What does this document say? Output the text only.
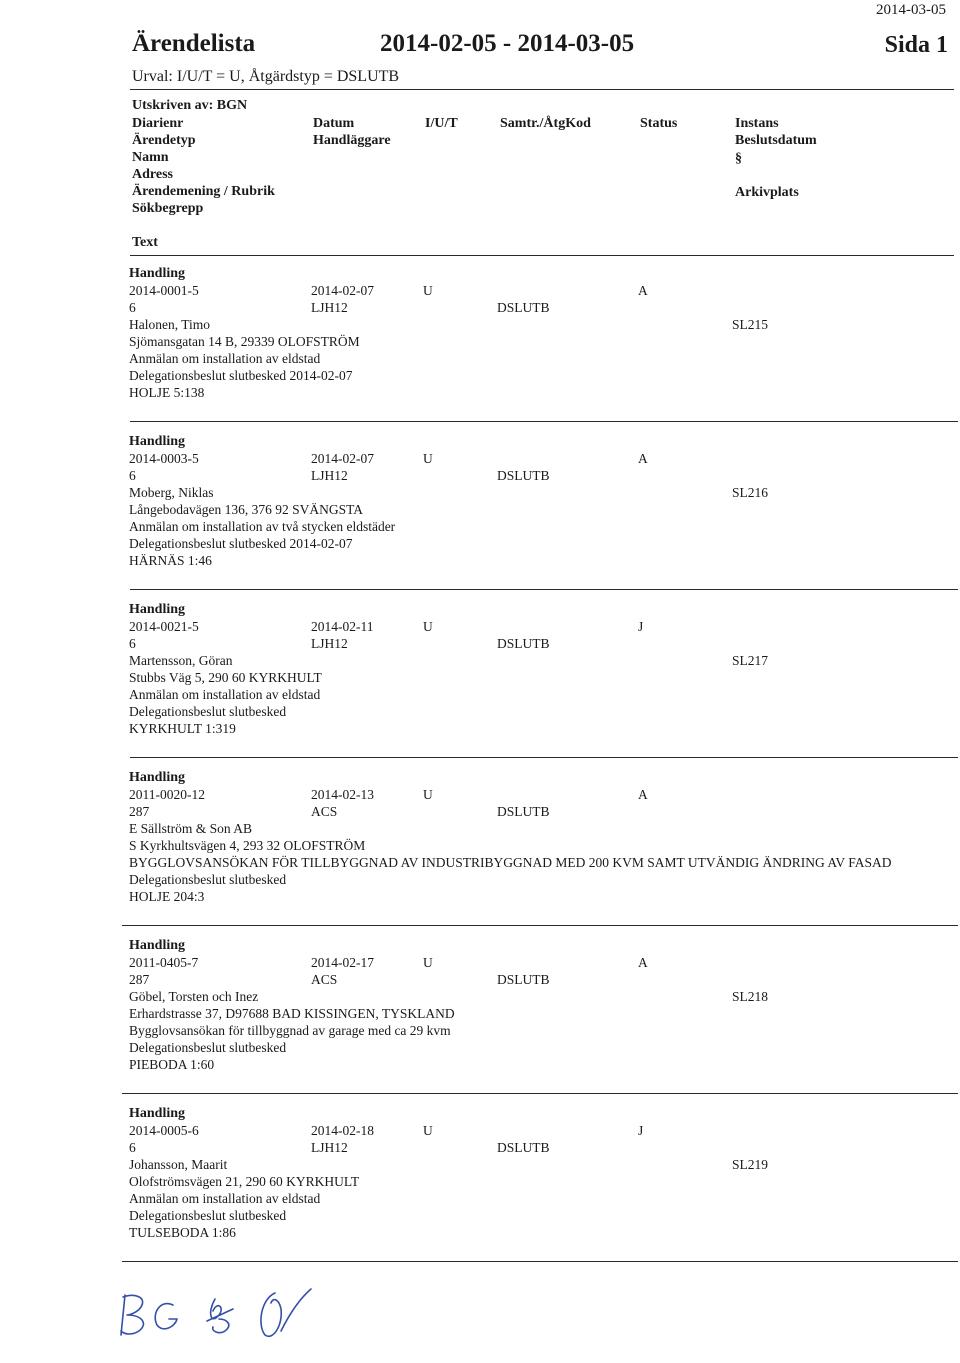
2014-03-05
Ärendelista	2014-02-05 - 2014-03-05	Sida 1
Urval: I/U/T = U, Åtgärdstyp = DSLUTB
Utskriven av: BGN
Diarienr
Ärendetyp
Namn
Adress
Ärendemening / Rubrik
Sökbegrepp
Datum
Handläggare
I/U/T	Samtr./ÅtgKod	Status	Instans
Beslutsdatum
§
Arkivplats
Text
Handling
2014-0001-5	2014-02-07	U	A
6	LJH12	DSLUTB
Halonen, Timo	SL215
Sjömansgatan 14 B, 29339 OLOFSTRÖM
Anmälan om installation av eldstad
Delegationsbeslut slutbesked 2014-02-07
HOLJE 5:138
Handling
2014-0003-5	2014-02-07	U	A
6	LJH12	DSLUTB
Moberg, Niklas	SL216
Långebodavägen 136, 376 92 SVÄNGSTA
Anmälan om installation av två stycken eldstäder
Delegationsbeslut slutbesked 2014-02-07
HÄRNÄS 1:46
Handling
2014-0021-5	2014-02-11	U	J
6	LJH12	DSLUTB
Martensson, Göran	SL217
Stubbs Väg 5, 290 60 KYRKHULT
Anmälan om installation av eldstad
Delegationsbeslut slutbesked
KYRKHULT 1:319
Handling
2011-0020-12	2014-02-13	U	A
287	ACS	DSLUTB
E Sällström & Son AB
S Kyrkhultsvägen 4, 293 32 OLOFSTRÖM
BYGGLOVSANSÖKAN FÖR TILLBYGGNAD AV INDUSTRIBYGGNAD MED 200 KVM SAMT UTVÄNDIG ÄNDRING AV FASAD
Delegationsbeslut slutbesked
HOLJE 204:3
Handling
2011-0405-7	2014-02-17	U	A
287	ACS	DSLUTB
Göbel, Torsten och Inez	SL218
Erhardstrasse 37, D97688 BAD KISSINGEN, TYSKLAND
Bygglovsansökan för tillbyggnad av garage med ca 29 kvm
Delegationsbeslut slutbesked
PIEBODA 1:60
Handling
2014-0005-6	2014-02-18	U	J
6	LJH12	DSLUTB
Johansson, Maarit	SL219
Olofströmsvägen 21, 290 60 KYRKHULT
Anmälan om installation av eldstad
Delegationsbeslut slutbesked
TULSEBODA 1:86
